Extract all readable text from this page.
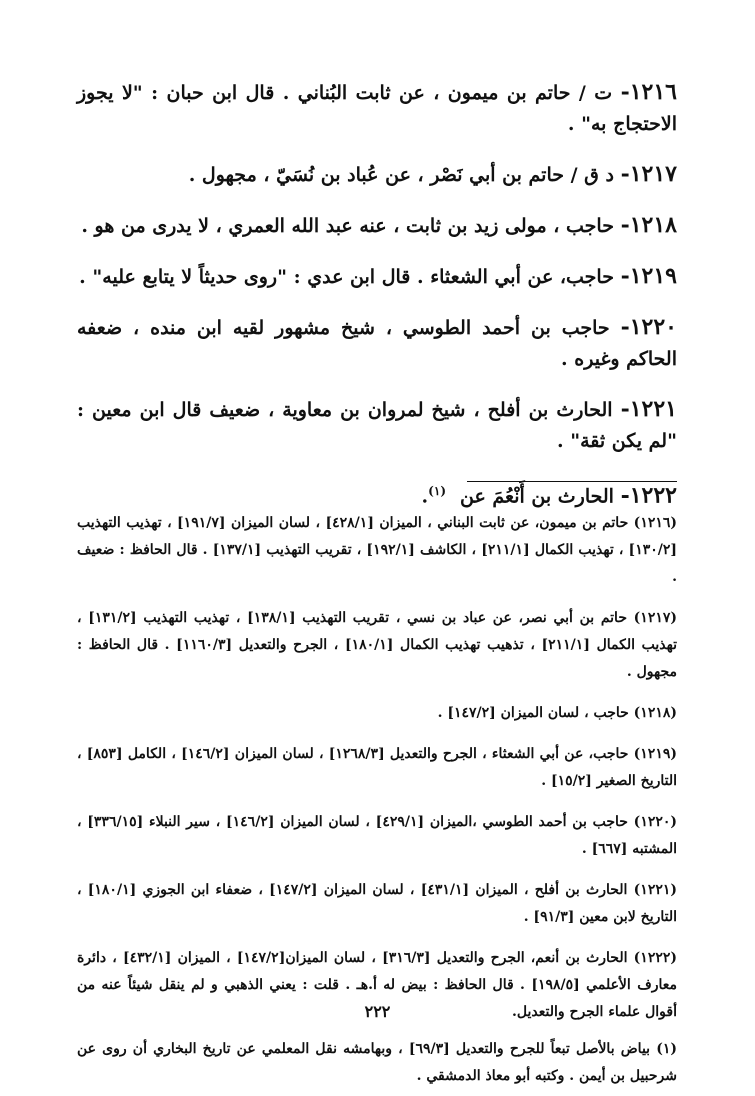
١٢١٦- ت / حاتم بن ميمون ، عن ثابت البُناني . قال ابن حبان : "لا يجوز الاحتجاج به" .

١٢١٧- د ق / حاتم بن أبي نَصْر ، عن عُباد بن نُسَيّ ، مجهول .

١٢١٨- حاجب ، مولى زيد بن ثابت ، عنه عبد الله العمري ، لا يدرى من هو .

١٢١٩- حاجب، عن أبي الشعثاء . قال ابن عدي : "روى حديثاً لا يتابع عليه" .

١٢٢٠- حاجب بن أحمد الطوسي ، شيخ مشهور لقيه ابن منده ، ضعفه الحاكم وغيره .

١٢٢١- الحارث بن أفلح ، شيخ لمروان بن معاوية ، ضعيف قال ابن معين : "لم يكن ثقة" .

١٢٢٢- الحارث بن أَنْعُمَ عن$^{(١)}$.

(١٢١٦) حاتم بن ميمون، عن ثابت البناني ، الميزان [٤٢٨/١] ، لسان الميزان [١٩١/٧] ، تهذيب التهذيب [١٣٠/٢] ، تهذيب الكمال [٢١١/١] ، الكاشف [١٩٢/١] ، تقريب التهذيب [١٣٧/١] . قال الحافظ : ضعيف .

(١٢١٧) حاتم بن أبي نصر، عن عباد بن نسي ، تقريب التهذيب [١٣٨/١] ، تهذيب التهذيب [١٣١/٢] ، تهذيب الكمال [٢١١/١] ، تذهيب تهذيب الكمال [١٨٠/١] ، الجرح والتعديل [١١٦٠/٣] . قال الحافظ : مجهول .

(١٢١٨) حاجب ، لسان الميزان [١٤٧/٢] .

(١٢١٩) حاجب، عن أبي الشعثاء ، الجرح والتعديل [١٢٦٨/٣] ، لسان الميزان [١٤٦/٢] ، الكامل [٨٥٣] ، التاريخ الصغير [١٥/٢] .

(١٢٢٠) حاجب بن أحمد الطوسي ،الميزان [٤٢٩/١] ، لسان الميزان [١٤٦/٢] ، سير النبلاء [٣٣٦/١٥] ، المشتبه [٦٦٧] .

(١٢٢١) الحارث بن أفلح ، الميزان [٤٣١/١] ، لسان الميزان [١٤٧/٢] ، ضعفاء ابن الجوزي [١٨٠/١] ، التاريخ لابن معين [٩١/٣] .

(١٢٢٢) الحارث بن أنعم، الجرح والتعديل [٣١٦/٣] ، لسان الميزان[١٤٧/٢] ، الميزان [٤٣٢/١] ، دائرة معارف الأعلمي [١٩٨/٥] . قال الحافظ : بيض له أ.هـ . قلت : يعني الذهبي و لم ينقل شيئاً عنه من أقوال علماء الجرح والتعديل.

(١) بياض بالأصل تبعاً للجرح والتعديل [٦٩/٣] ، وبهامشه نقل المعلمي عن تاريخ البخاري أن روى عن شرحبيل بن أيمن . وكتبه أبو معاذ الدمشقي .

٢٢٢
